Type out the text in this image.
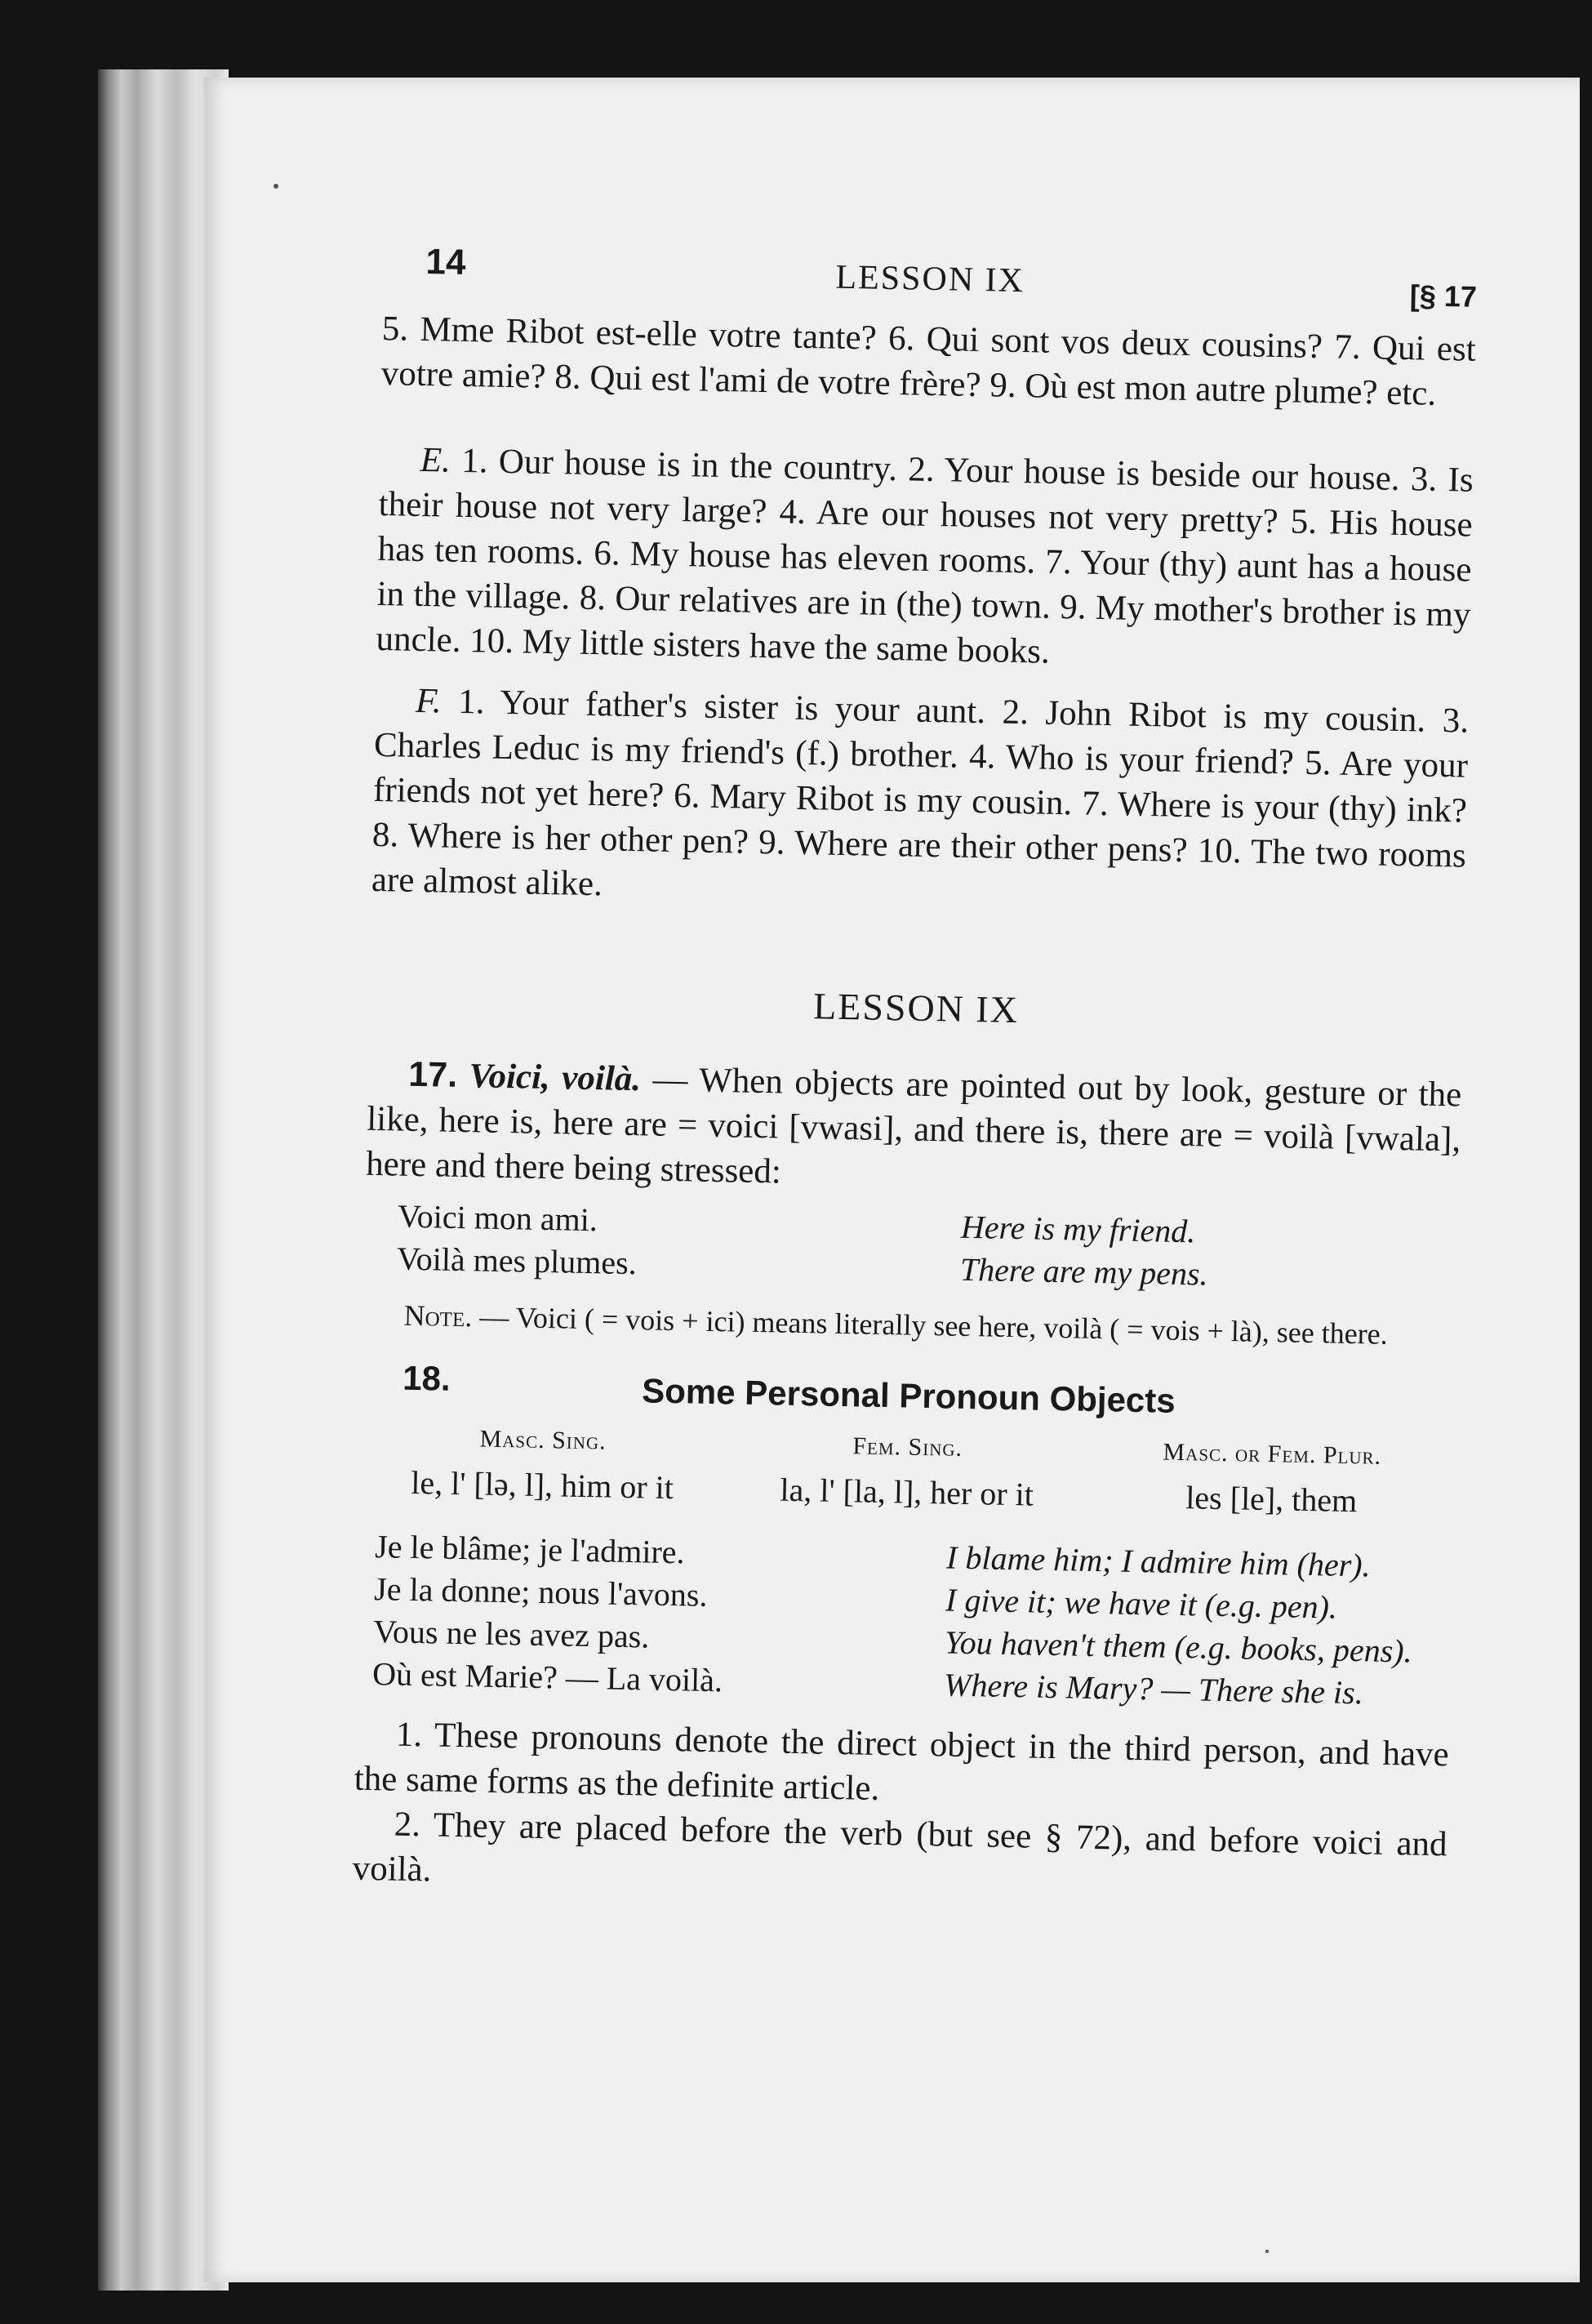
14	LESSON IX	[§ 17

5. Mme Ribot est-elle votre tante? 6. Qui sont vos deux cousins? 7. Qui est votre amie? 8. Qui est l'ami de votre frère? 9. Où est mon autre plume? etc.

E. 1. Our house is in the country. 2. Your house is beside our house. 3. Is their house not very large? 4. Are our houses not very pretty? 5. His house has ten rooms. 6. My house has eleven rooms. 7. Your (thy) aunt has a house in the village. 8. Our relatives are in (the) town. 9. My mother's brother is my uncle. 10. My little sisters have the same books.

F. 1. Your father's sister is your aunt. 2. John Ribot is my cousin. 3. Charles Leduc is my friend's (f.) brother. 4. Who is your friend? 5. Are your friends not yet here? 6. Mary Ribot is my cousin. 7. Where is your (thy) ink? 8. Where is her other pen? 9. Where are their other pens? 10. The two rooms are almost alike.

LESSON IX

17. Voici, voilà. — When objects are pointed out by look, gesture or the like, here is, here are = voici [vwasi], and there is, there are = voilà [vwala], here and there being stressed:

Voici mon ami.	Here is my friend.
Voilà mes plumes.	There are my pens.
Note. — Voici ( = vois + ici) means literally see here, voilà ( = vois + là), see there.
18.	Some Personal Pronoun Objects
Masc. Sing.	Fem. Sing.	Masc. or Fem. Plur.
le, l' [lə, l], him or it	la, l' [la, l], her or it	les [le], them
Je le blâme; je l'admire.	I blame him; I admire him (her).
Je la donne; nous l'avons.	I give it; we have it (e.g. pen).
Vous ne les avez pas.	You haven't them (e.g. books, pens).
Où est Marie? — La voilà.	Where is Mary? — There she is.

1. These pronouns denote the direct object in the third person, and have the same forms as the definite article.

2. They are placed before the verb (but see § 72), and before voici and voilà.
